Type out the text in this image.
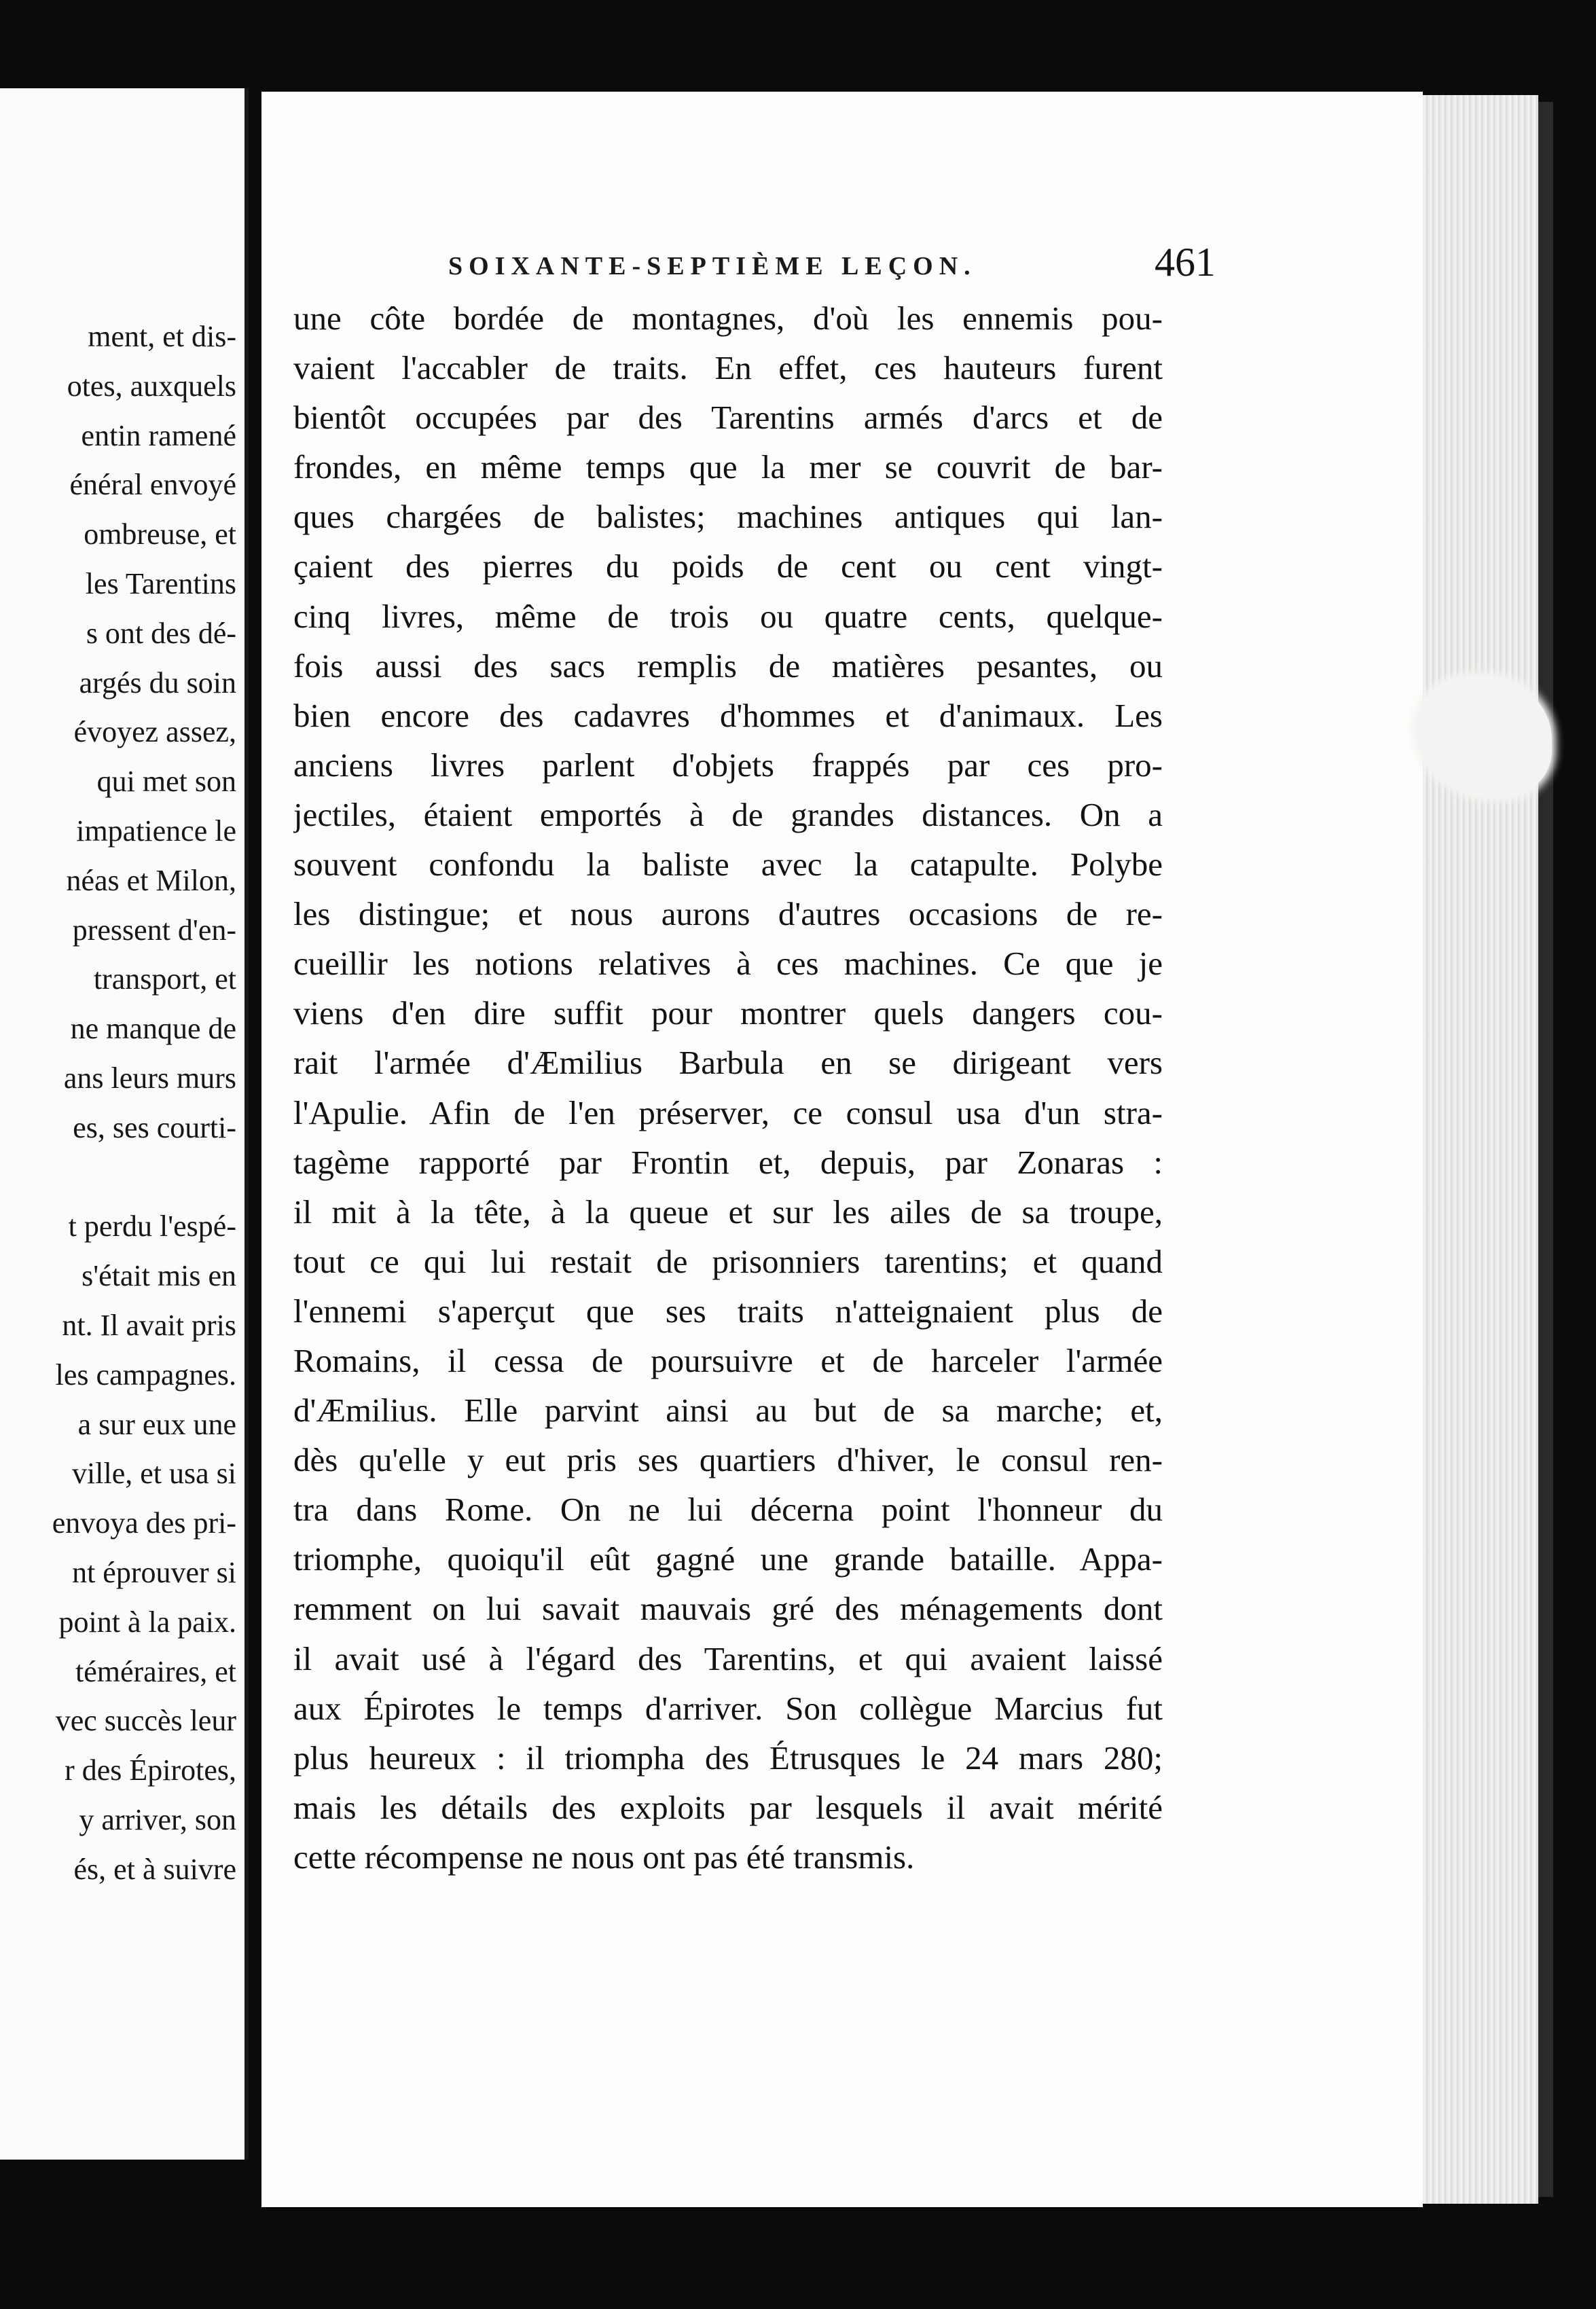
ment, et dis-
otes, auxquels
entin ramené
énéral envoyé
ombreuse, et
les Tarentins
s ont des dé-
argés du soin
évoyez assez,
qui met son
impatience le
néas et Milon,
pressent d'en-
transport, et
ne manque de
ans leurs murs
es, ses courti-

t perdu l'espé-
s'était mis en
nt. Il avait pris
les campagnes.
a sur eux une
ville, et usa si
envoya des pri-
nt éprouver si
point à la paix.
téméraires, et
vec succès leur
r des Épirotes,
y arriver, son
és, et à suivre
SOIXANTE-SEPTIÈME LEÇON.	461
une côte bordée de montagnes, d'où les ennemis pou-
vaient l'accabler de traits. En effet, ces hauteurs furent
bientôt occupées par des Tarentins armés d'arcs et de
frondes, en même temps que la mer se couvrit de bar-
ques chargées de balistes; machines antiques qui lan-
çaient des pierres du poids de cent ou cent vingt-
cinq livres, même de trois ou quatre cents, quelque-
fois aussi des sacs remplis de matières pesantes, ou
bien encore des cadavres d'hommes et d'animaux. Les
anciens livres parlent d'objets frappés par ces pro-
jectiles, étaient emportés à de grandes distances. On a
souvent confondu la baliste avec la catapulte. Polybe
les distingue; et nous aurons d'autres occasions de re-
cueillir les notions relatives à ces machines. Ce que je
viens d'en dire suffit pour montrer quels dangers cou-
rait l'armée d'Æmilius Barbula en se dirigeant vers
l'Apulie. Afin de l'en préserver, ce consul usa d'un stra-
tagème rapporté par Frontin et, depuis, par Zonaras :
il mit à la tête, à la queue et sur les ailes de sa troupe,
tout ce qui lui restait de prisonniers tarentins; et quand
l'ennemi s'aperçut que ses traits n'atteignaient plus de
Romains, il cessa de poursuivre et de harceler l'armée
d'Æmilius. Elle parvint ainsi au but de sa marche; et,
dès qu'elle y eut pris ses quartiers d'hiver, le consul ren-
tra dans Rome. On ne lui décerna point l'honneur du
triomphe, quoiqu'il eût gagné une grande bataille. Appa-
remment on lui savait mauvais gré des ménagements dont
il avait usé à l'égard des Tarentins, et qui avaient laissé
aux Épirotes le temps d'arriver. Son collègue Marcius fut
plus heureux : il triompha des Étrusques le 24 mars 280;
mais les détails des exploits par lesquels il avait mérité
cette récompense ne nous ont pas été transmis.
